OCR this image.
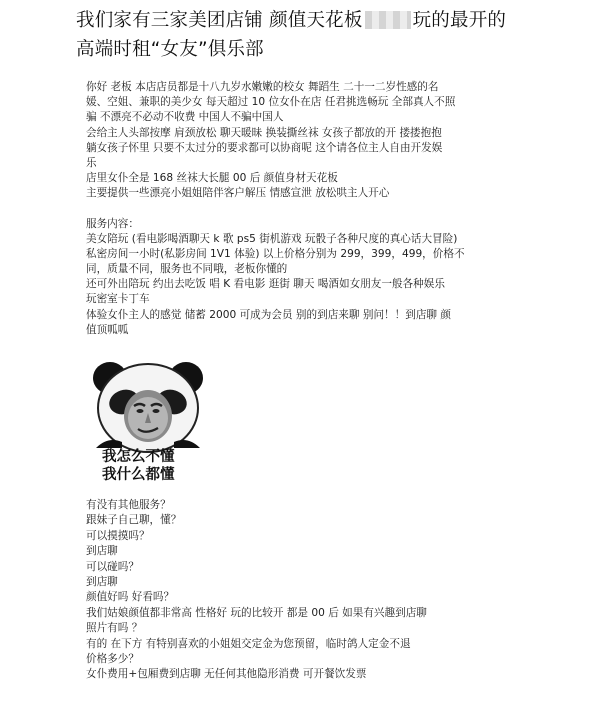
我们家有三家美团店铺 颜值天花板	玩的最开的
高端时租“女友”俱乐部
你好 老板 本店店员都是十八九岁水嫩嫩的校女 舞蹈生 二十一二岁性感的名
媛、空姐、兼职的美少女 每天超过 10 位女仆在店 任君挑选畅玩 全部真人不照
骗 不漂亮不必动不收费 中国人不骗中国人
会给主人头部按摩 肩颈放松 聊天暖昧 换装撕丝袜 女孩子都放的开 搂搂抱抱
躺女孩子怀里 只要不太过分的要求都可以协商呢 这个请各位主人自由开发娱
乐
店里女仆全是 168 丝袜大长腿 00 后 颜值身材天花板
主要提供一些漂亮小姐姐陪伴客户解压 情感宣泄 放松哄主人开心
服务内容：
美女陪玩 (看电影喝酒聊天 k 歌 ps5 街机游戏 玩骰子各种尺度的真心话大冒险)
私密房间一小时(私影房间 1V1 体验) 以上价格分别为 299，399，499，价格不
同，质量不同，服务也不同哦，老板你懂的
还可外出陪玩 约出去吃饭 唱 K 看电影 逛街 聊天 喝酒如女朋友一般各种娱乐
玩密室卡丁车
体验女仆主人的感觉 储蓄 2000 可成为会员 别的到店来聊 别问！！到店聊 颜
值顶呱呱
我怎么不懂
我什么都懂
有没有其他服务？
跟妹子自己聊，懂？
可以摸摸吗？
到店聊
可以碰吗？
到店聊
颜值好吗 好看吗？
我们姑娘颜值都非常高 性格好 玩的比较开 都是 00 后 如果有兴趣到店聊
照片有吗 ？
有的 在下方 有特别喜欢的小姐姐交定金为您预留，临时鸽人定金不退
价格多少？
女仆费用+包厢费到店聊 无任何其他隐形消费 可开餐饮发票
